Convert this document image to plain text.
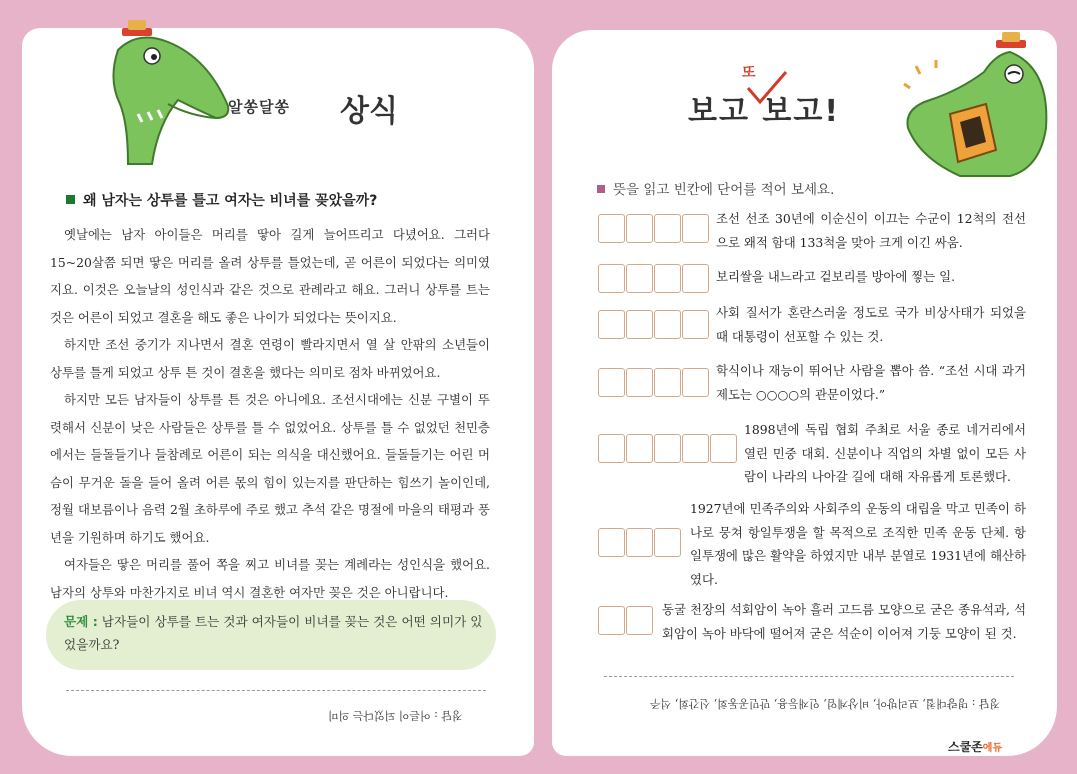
알쏭달쏭 상식
왜 남자는 상투를 틀고 여자는 비녀를 꽂았을까?

옛날에는 남자 아이들은 머리를 땋아 길게 늘어뜨리고 다녔어요. 그러다 15~20살쯤 되면 땋은 머리를 올려 상투를 틀었는데, 곧 어른이 되었다는 의미였지요. 이것은 오늘날의 성인식과 같은 것으로 관례라고 해요. 그러니 상투를 트는 것은 어른이 되었고 결혼을 해도 좋은 나이가 되었다는 뜻이지요.

하지만 조선 중기가 지나면서 결혼 연령이 빨라지면서 열 살 안팎의 소년들이 상투를 틀게 되었고 상투 튼 것이 결혼을 했다는 의미로 점차 바뀌었어요.

하지만 모든 남자들이 상투를 튼 것은 아니에요. 조선시대에는 신분 구별이 뚜렷해서 신분이 낮은 사람들은 상투를 틀 수 없었어요. 상투를 틀 수 없었던 천민층에서는 들돌들기나 들참례로 어른이 되는 의식을 대신했어요. 들돌들기는 어린 머슴이 무거운 돌을 들어 올려 어른 몫의 힘이 있는지를 판단하는 힘쓰기 놀이인데, 정월 대보름이나 음력 2월 초하루에 주로 했고 추석 같은 명절에 마을의 태평과 풍년을 기원하며 하기도 했어요.

여자들은 땋은 머리를 풀어 쪽을 찌고 비녀를 꽂는 계례라는 성인식을 했어요. 남자의 상투와 마찬가지로 비녀 역시 결혼한 여자만 꽂은 것은 아니랍니다.

문제 : 남자들이 상투를 트는 것과 여자들이 비녀를 꽂는 것은 어떤 의미가 있었을까요?
정답 : 어른이 되었다는 의미
또
보고 보고!
뜻을 읽고 빈칸에 단어를 적어 보세요.
조선 선조 30년에 이순신이 이끄는 수군이 12척의 전선으로 왜적 함대 133척을 맞아 크게 이긴 싸움.
보리쌀을 내느라고 겉보리를 방아에 찧는 일.
사회 질서가 혼란스러울 정도로 국가 비상사태가 되었을 때 대통령이 선포할 수 있는 것.
학식이나 재능이 뛰어난 사람을 뽑아 씀. “조선 시대 과거제도는 ○○○○의 관문이었다.”
1898년에 독립 협회 주최로 서울 종로 네거리에서 열린 민중 대회. 신분이나 직업의 차별 없이 모든 사람이 나라의 나아갈 길에 대해 자유롭게 토론했다.
1927년에 민족주의와 사회주의 운동의 대립을 막고 민족이 하나로 뭉쳐 항일투쟁을 할 목적으로 조직한 민족 운동 단체. 항일투쟁에 많은 활약을 하였지만 내부 분열로 1931년에 해산하였다.
동굴 천장의 석회암이 녹아 흘러 고드름 모양으로 굳은 종유석과, 석회암이 녹아 바닥에 떨어져 굳은 석순이 이어져 기둥 모양이 된 것.
정답 : 명량대첩, 보리방아, 비상계엄, 인재등용, 만민공동회, 신간회, 석주
스쿨존에듀
